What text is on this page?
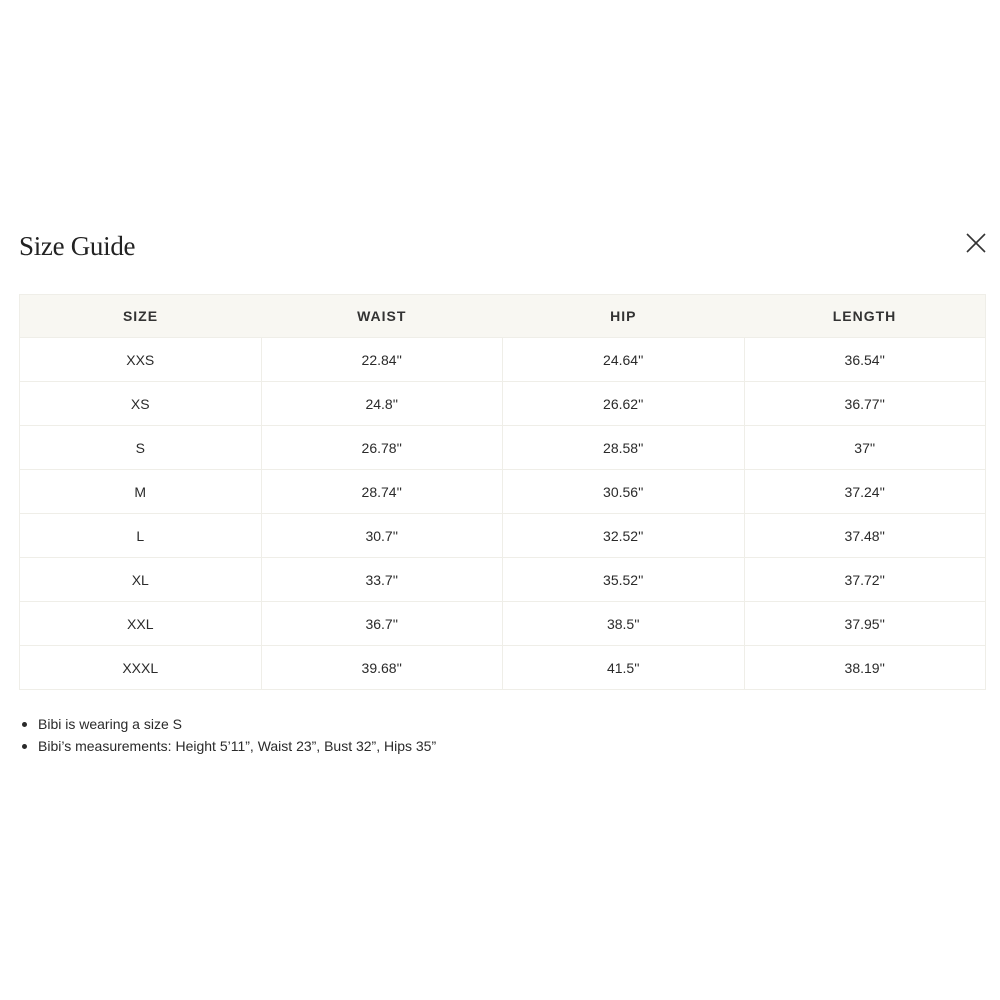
Size Guide
SIZE	WAIST	HIP	LENGTH
XXS	22.84''	24.64''	36.54''
XS	24.8''	26.62''	36.77''
S	26.78''	28.58''	37''
M	28.74''	30.56''	37.24''
L	30.7''	32.52''	37.48''
XL	33.7''	35.52''	37.72''
XXL	36.7''	38.5''	37.95''
XXXL	39.68''	41.5''	38.19''
Bibi is wearing a size S
Bibi’s measurements: Height 5’11”, Waist 23”, Bust 32”, Hips 35”
